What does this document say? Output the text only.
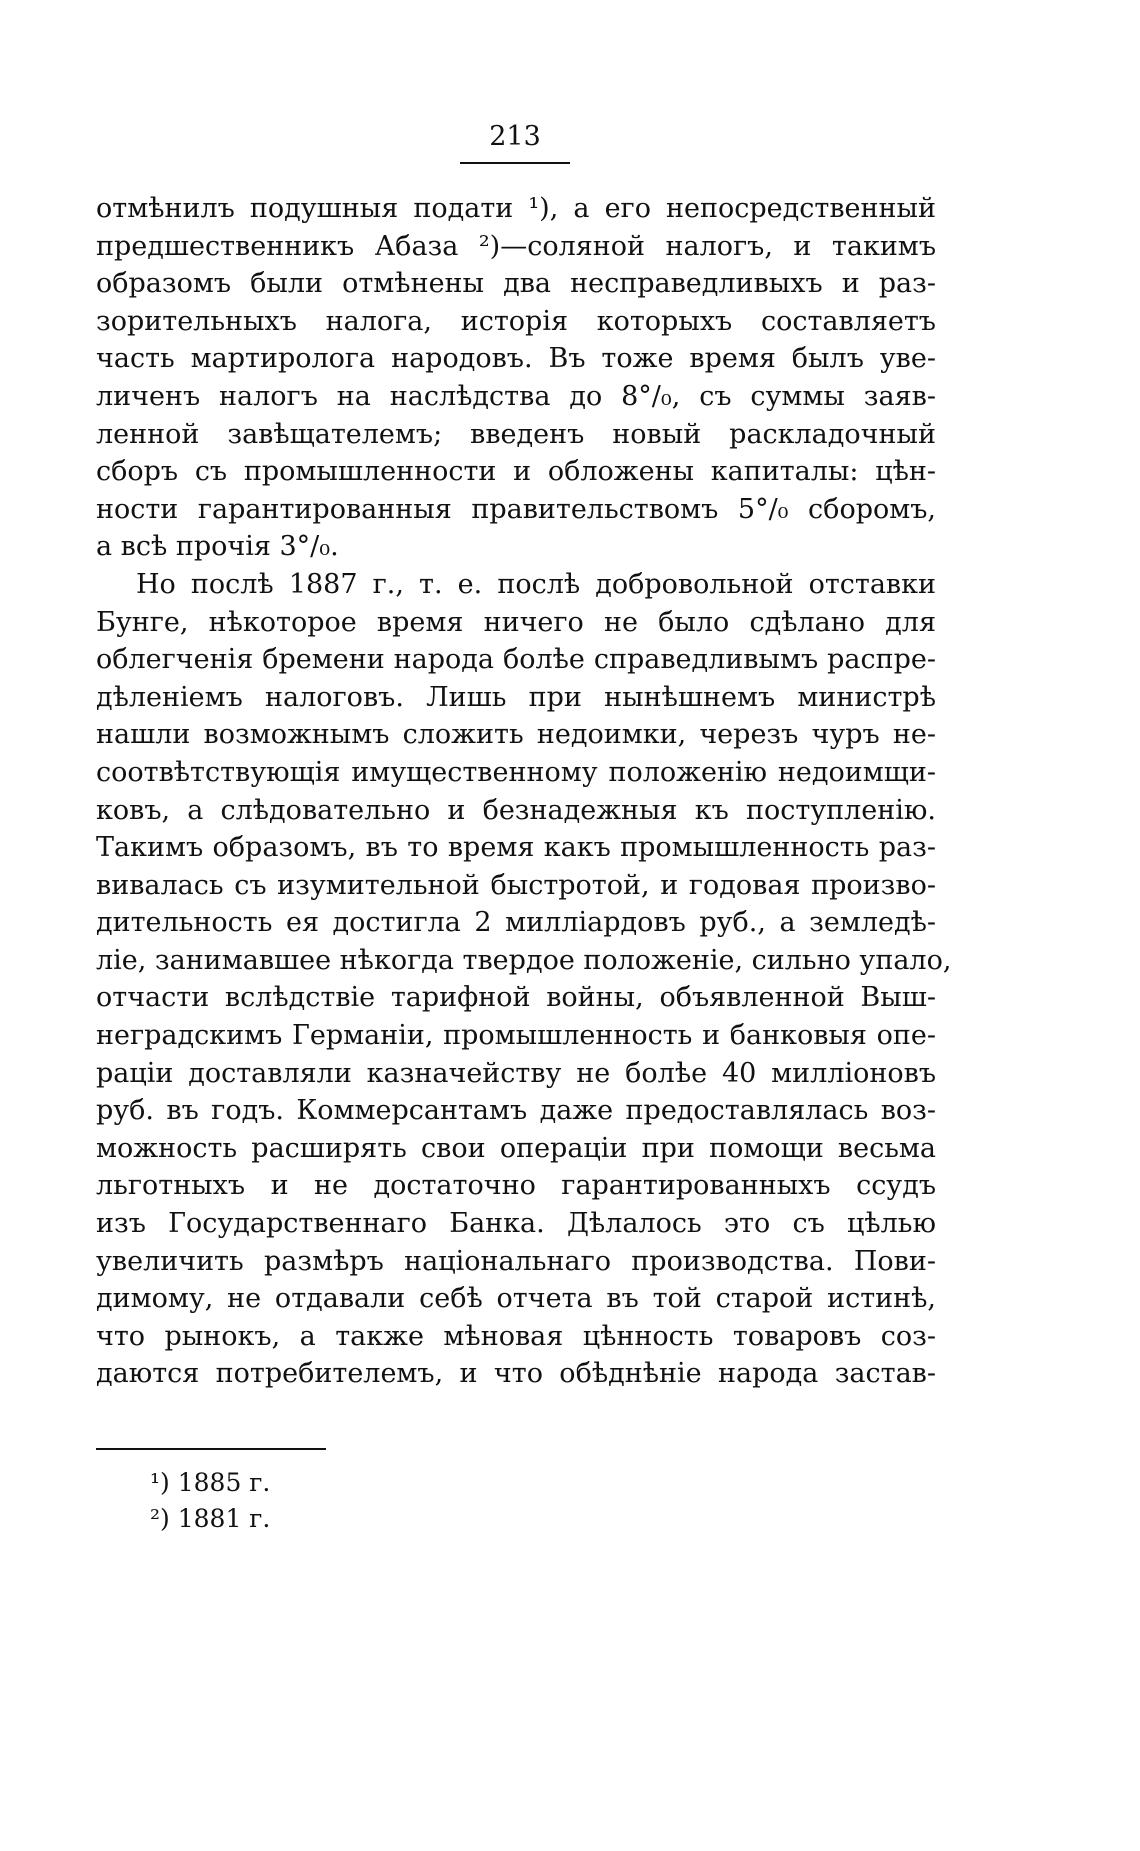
213
отмѣнилъ подушныя подати ¹), а его непосредственный
предшественникъ Абаза ²)—соляной налогъ, и такимъ
образомъ были отмѣнены два несправедливыхъ и раз-
зорительныхъ налога, исторія которыхъ составляетъ
часть мартиролога народовъ. Въ тоже время былъ уве-
личенъ налогъ на наслѣдства до 8°/₀, съ суммы заяв-
ленной завѣщателемъ; введенъ новый раскладочный
сборъ съ промышленности и обложены капиталы: цѣн-
ности гарантированныя правительствомъ 5°/₀ сборомъ,
а всѣ прочія 3°/₀.
Но послѣ 1887 г., т. е. послѣ добровольной отставки
Бунге, нѣкоторое время ничего не было сдѣлано для
облегченія бремени народа болѣе справедливымъ распре-
дѣленіемъ налоговъ. Лишь при нынѣшнемъ министрѣ
нашли возможнымъ сложить недоимки, черезъ чуръ не-
соотвѣтствующія имущественному положенію недоимщи-
ковъ, а слѣдовательно и безнадежныя къ поступленію.
Такимъ образомъ, въ то время какъ промышленность раз-
вивалась съ изумительной быстротой, и годовая произво-
дительность ея достигла 2 милліардовъ руб., а земледѣ-
ліе, занимавшее нѣкогда твердое положеніе, сильно упало,
отчасти вслѣдствіе тарифной войны, объявленной Выш-
неградскимъ Германіи, промышленность и банковыя опе-
раціи доставляли казначейству не болѣе 40 милліоновъ
руб. въ годъ. Коммерсантамъ даже предоставлялась воз-
можность расширять свои операціи при помощи весьма
льготныхъ и не достаточно гарантированныхъ ссудъ
изъ Государственнаго Банка. Дѣлалось это съ цѣлью
увеличить размѣръ національнаго производства. Пови-
димому, не отдавали себѣ отчета въ той старой истинѣ,
что рынокъ, а также мѣновая цѣнность товаровъ соз-
даются потребителемъ, и что обѣднѣніе народа застав-
¹) 1885 г.
²) 1881 г.
